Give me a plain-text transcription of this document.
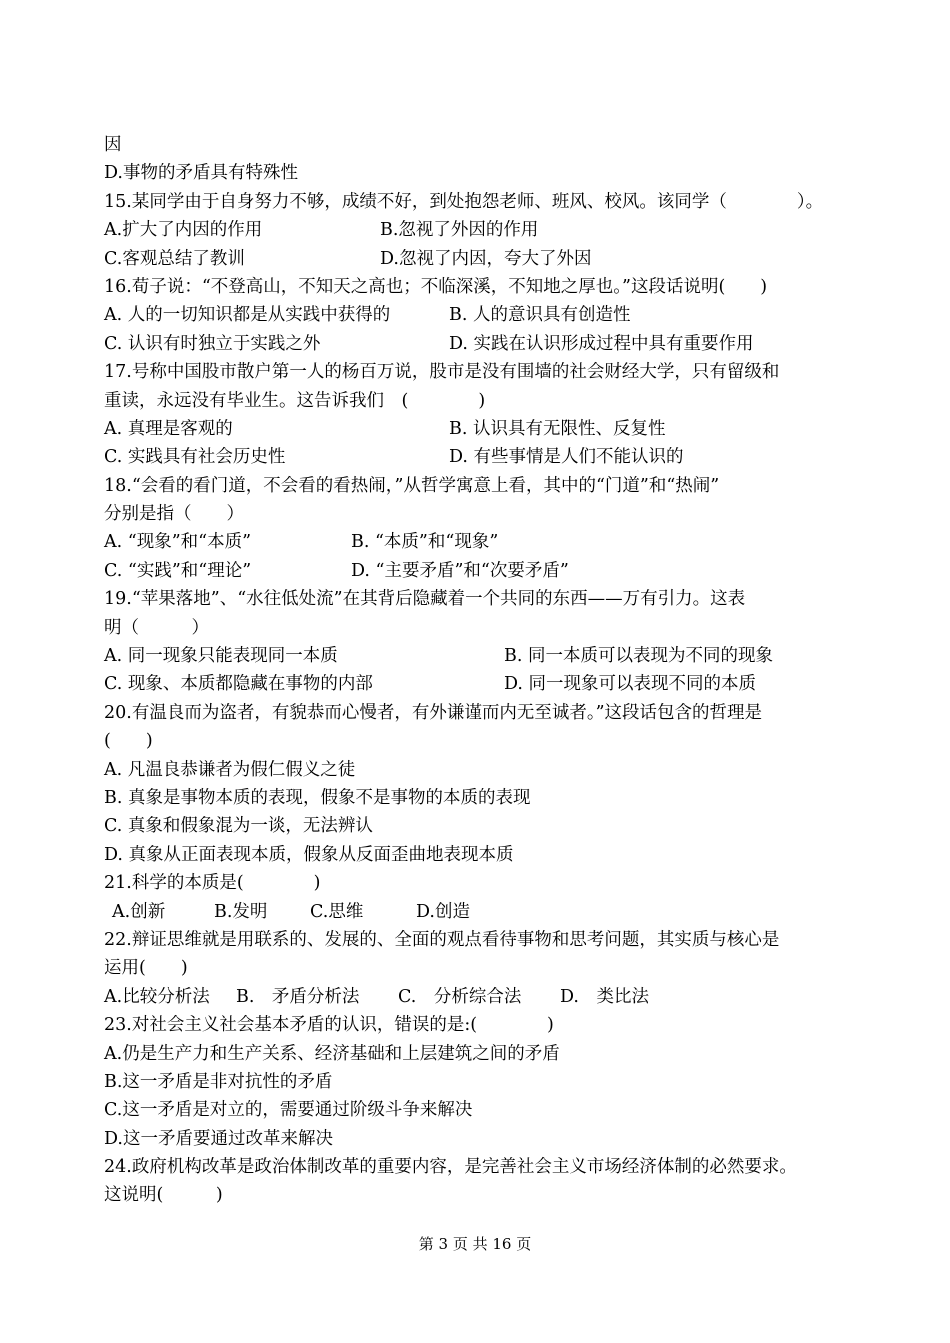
因
D.事物的矛盾具有特殊性
15.某同学由于自身努力不够，成绩不好，到处抱怨老师、班风、校风。该同学（　　　　）。
A.扩大了内因的作用	B.忽视了外因的作用
C.客观总结了教训	D.忽视了内因，夸大了外因
16.荀子说：“不登高山，不知天之高也；不临深溪，不知地之厚也。”这段话说明(　　)
A. 人的一切知识都是从实践中获得的	B. 人的意识具有创造性
C. 认识有时独立于实践之外	D. 实践在认识形成过程中具有重要作用
17.号称中国股市散户第一人的杨百万说，股市是没有围墙的社会财经大学，只有留级和
重读，永远没有毕业生。这告诉我们　(　　　　)
A. 真理是客观的	B. 认识具有无限性、反复性
C. 实践具有社会历史性	D. 有些事情是人们不能认识的
18.“会看的看门道，不会看的看热闹，”从哲学寓意上看，其中的“门道”和“热闹”
分别是指（　　）
A. “现象”和“本质”	B. “本质”和“现象”
C. “实践”和“理论”	D. “主要矛盾”和“次要矛盾”
19.“苹果落地”、“水往低处流”在其背后隐藏着一个共同的东西——万有引力。这表
明（　　　）
A. 同一现象只能表现同一本质	B. 同一本质可以表现为不同的现象
C. 现象、本质都隐藏在事物的内部	D. 同一现象可以表现不同的本质
20.有温良而为盗者，有貌恭而心慢者，有外谦谨而内无至诚者。”这段话包含的哲理是
(　　)
A. 凡温良恭谦者为假仁假义之徒
B. 真象是事物本质的表现，假象不是事物的本质的表现
C. 真象和假象混为一谈，无法辨认
D. 真象从正面表现本质，假象从反面歪曲地表现本质
21.科学的本质是(　　　　)
A.创新	B.发明	C.思维	D.创造
22.辩证思维就是用联系的、发展的、全面的观点看待事物和思考问题，其实质与核心是
运用(　　)
A.比较分析法	B.　矛盾分析法	C.　分析综合法	D.　类比法
23.对社会主义社会基本矛盾的认识，错误的是:(　　　　)
A.仍是生产力和生产关系、经济基础和上层建筑之间的矛盾
B.这一矛盾是非对抗性的矛盾
C.这一矛盾是对立的，需要通过阶级斗争来解决
D.这一矛盾要通过改革来解决
24.政府机构改革是政治体制改革的重要内容，是完善社会主义市场经济体制的必然要求。
这说明(　　　)
第 3 页 共 16 页
